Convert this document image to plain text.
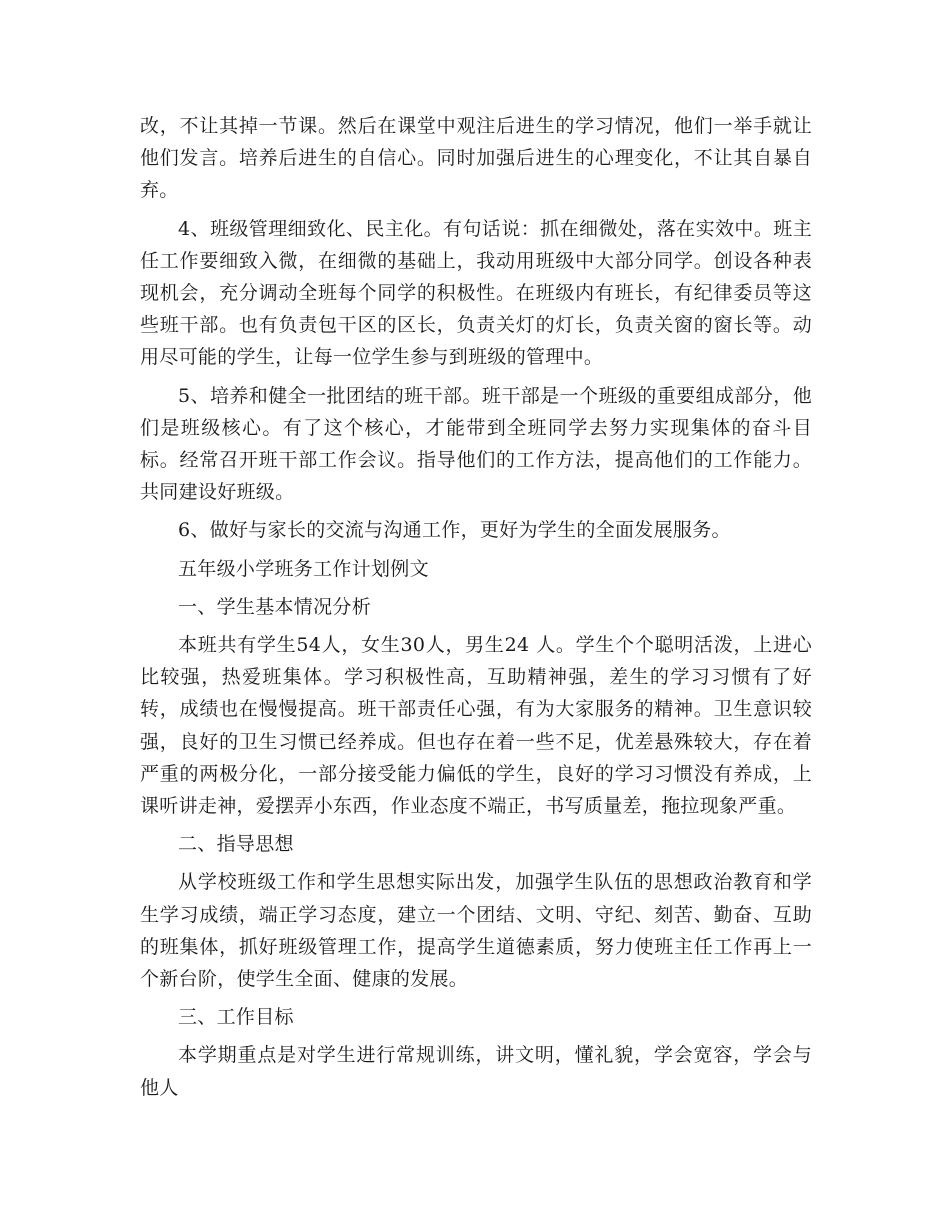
改，不让其掉一节课。然后在课堂中观注后进生的学习情况，他们一举手就让他们发言。培养后进生的自信心。同时加强后进生的心理变化，不让其自暴自弃。

4、班级管理细致化、民主化。有句话说：抓在细微处，落在实效中。班主任工作要细致入微，在细微的基础上，我动用班级中大部分同学。创设各种表现机会，充分调动全班每个同学的积极性。在班级内有班长，有纪律委员等这些班干部。也有负责包干区的区长，负责关灯的灯长，负责关窗的窗长等。动用尽可能的学生，让每一位学生参与到班级的管理中。

5、培养和健全一批团结的班干部。班干部是一个班级的重要组成部分，他们是班级核心。有了这个核心，才能带到全班同学去努力实现集体的奋斗目标。经常召开班干部工作会议。指导他们的工作方法，提高他们的工作能力。共同建设好班级。

6、做好与家长的交流与沟通工作，更好为学生的全面发展服务。

五年级小学班务工作计划例文

一、学生基本情况分析

本班共有学生54人，女生30人，男生24 人。学生个个聪明活泼，上进心比较强，热爱班集体。学习积极性高，互助精神强，差生的学习习惯有了好转，成绩也在慢慢提高。班干部责任心强，有为大家服务的精神。卫生意识较强，良好的卫生习惯已经养成。但也存在着一些不足，优差悬殊较大，存在着严重的两极分化，一部分接受能力偏低的学生，良好的学习习惯没有养成，上课听讲走神，爱摆弄小东西，作业态度不端正，书写质量差，拖拉现象严重。

二、指导思想

从学校班级工作和学生思想实际出发，加强学生队伍的思想政治教育和学生学习成绩，端正学习态度，建立一个团结、文明、守纪、刻苦、勤奋、互助的班集体，抓好班级管理工作，提高学生道德素质，努力使班主任工作再上一个新台阶，使学生全面、健康的发展。

三、工作目标

本学期重点是对学生进行常规训练，讲文明，懂礼貌，学会宽容，学会与他人
